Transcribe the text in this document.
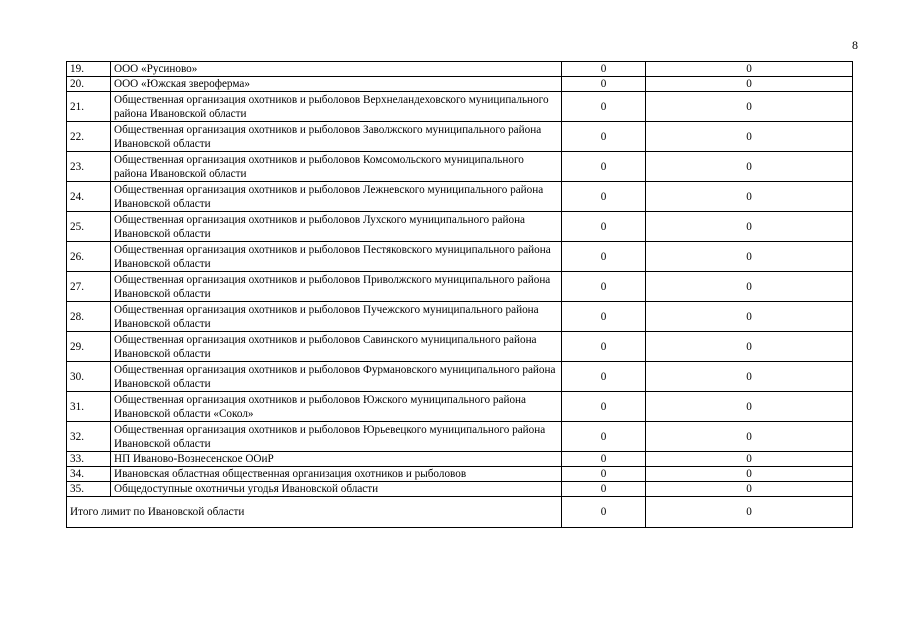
8
19.	ООО «Русиново»	0	0
20.	ООО «Южская звероферма»	0	0
21.	Общественная организация охотников и рыболовов Верхнеландеховского муниципального района Ивановской области	0	0
22.	Общественная организация охотников и рыболовов Заволжского муниципального района Ивановской области	0	0
23.	Общественная организация охотников и рыболовов Комсомольского муниципального района Ивановской области	0	0
24.	Общественная организация охотников и рыболовов Лежневского муниципального района Ивановской области	0	0
25.	Общественная организация охотников и рыболовов Лухского муниципального района Ивановской области	0	0
26.	Общественная организация охотников и рыболовов Пестяковского муниципального района Ивановской области	0	0
27.	Общественная организация охотников и рыболовов Приволжского муниципального района Ивановской области	0	0
28.	Общественная организация охотников и рыболовов Пучежского муниципального района Ивановской области	0	0
29.	Общественная организация охотников и рыболовов Савинского муниципального района Ивановской области	0	0
30.	Общественная организация охотников и рыболовов Фурмановского муниципального района Ивановской области	0	0
31.	Общественная организация охотников и рыболовов Южского муниципального района Ивановской области «Сокол»	0	0
32.	Общественная организация охотников и рыболовов Юрьевецкого муниципального района Ивановской области	0	0
33.	НП Иваново-Вознесенское ООиР	0	0
34.	Ивановская областная общественная организация охотников и рыболовов	0	0
35.	Общедоступные охотничьи угодья Ивановской области	0	0
Итого лимит по Ивановской области		0	0
